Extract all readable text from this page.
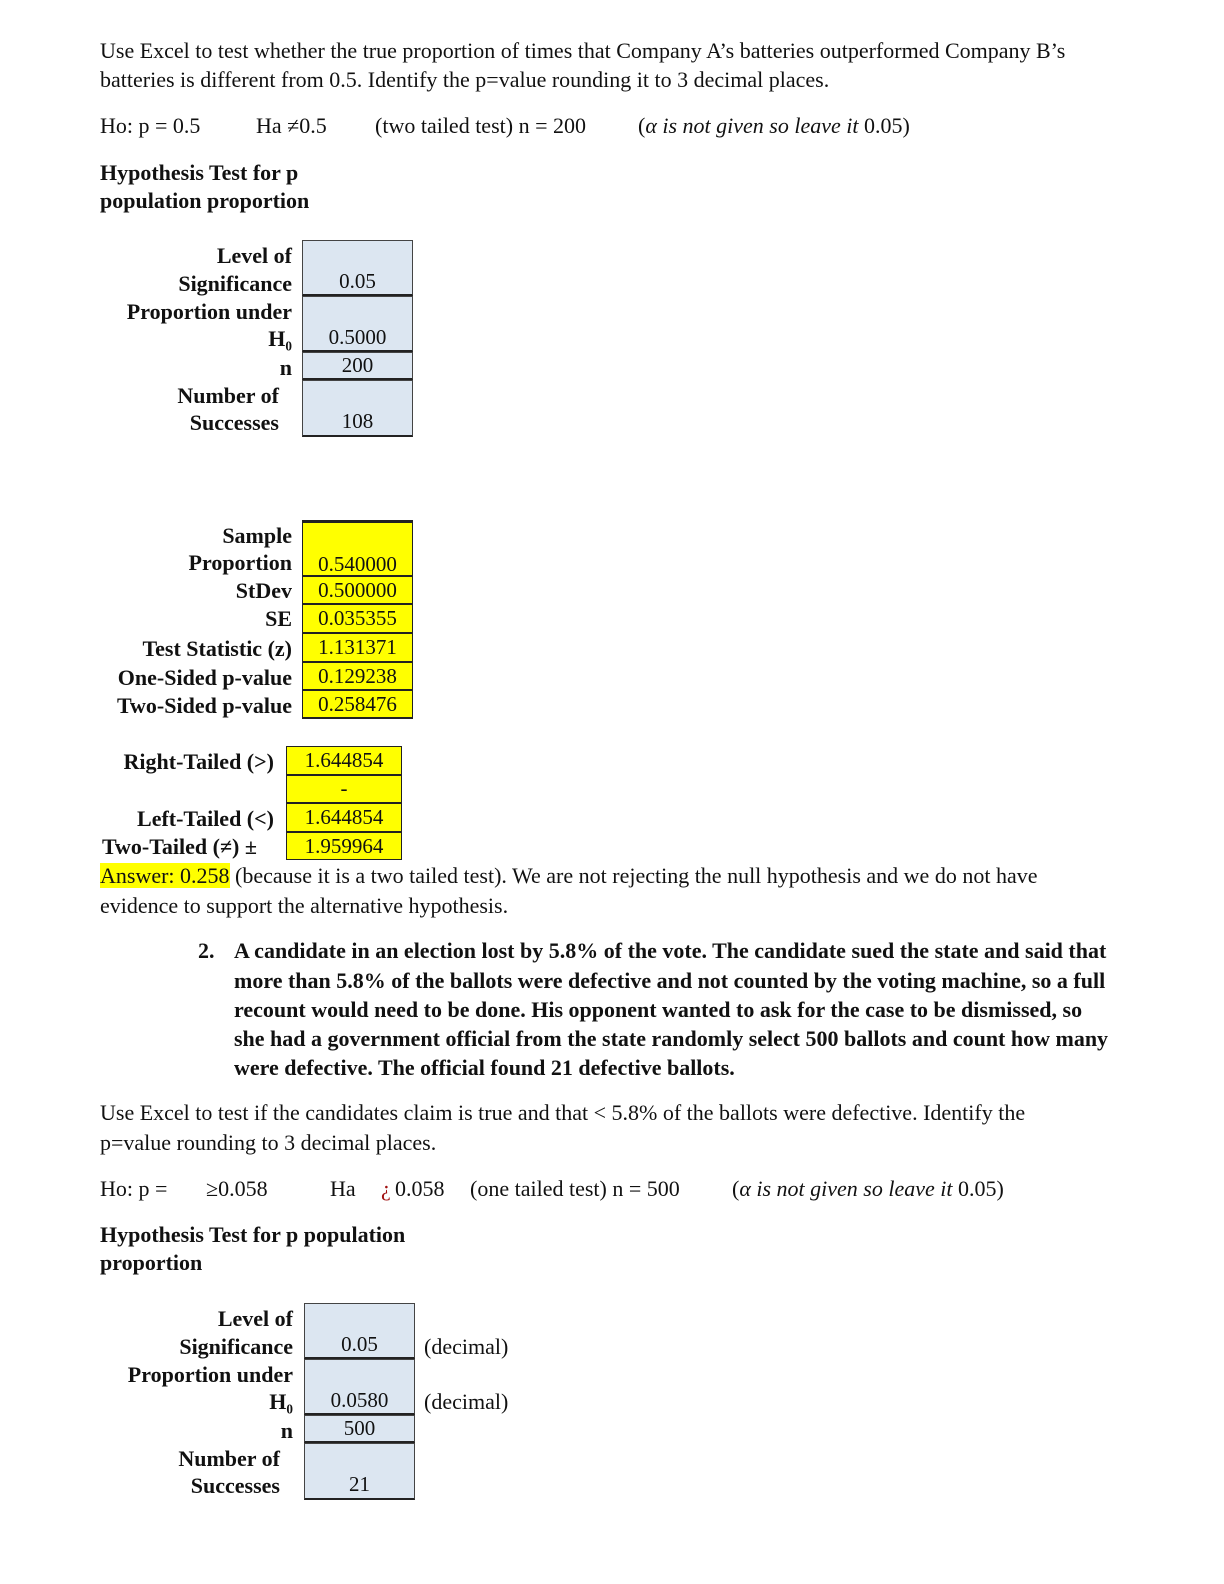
Use Excel to test whether the true proportion of times that Company A’s batteries outperformed Company B’s
batteries is different from 0.5. Identify the p=value rounding it to 3 decimal places.
Ho: p = 0.5	Ha ≠0.5 (two tailed test) n = 200 (α is not given so leave it 0.05)
Hypothesis Test for p
population proportion
Level of
Significance
Proportion under
H₀
n
Number of
Successes
0.05
0.5000
200
108
Sample
Proportion
StDev
SE
Test Statistic (z)
One-Sided p-value
Two-Sided p-value
0.540000
0.500000
0.035355
1.131371
0.129238
0.258476
Right-Tailed (>)
Left-Tailed (<)
Two-Tailed (≠) ±
1.644854
-
1.644854
1.959964
Answer: 0.258 (because it is a two tailed test). We are not rejecting the null hypothesis and we do not have
evidence to support the alternative hypothesis.
2. A candidate in an election lost by 5.8% of the vote. The candidate sued the state and said that
more than 5.8% of the ballots were defective and not counted by the voting machine, so a full
recount would need to be done. His opponent wanted to ask for the case to be dismissed, so
she had a government official from the state randomly select 500 ballots and count how many
were defective. The official found 21 defective ballots.
Use Excel to test if the candidates claim is true and that < 5.8% of the ballots were defective. Identify the
p=value rounding to 3 decimal places.
Ho: p = ≥0.058	Ha ¿ 0.058 (one tailed test) n = 500 (α is not given so leave it 0.05)
Hypothesis Test for p population
proportion
Level of
Significance
Proportion under
H₀
n
Number of
Successes
0.05
0.0580
500
21
(decimal)
(decimal)
